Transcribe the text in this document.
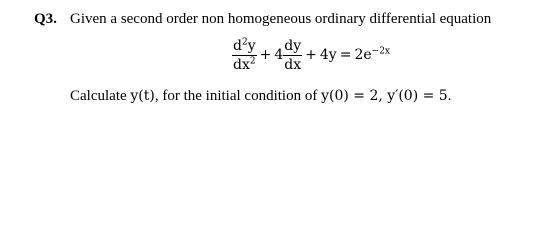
Q3. Given a second order non homogeneous ordinary differential equation
$\frac{d^2y}{dx^2} + 4 \frac{dy}{dx} + 4y = 2e^{-2x}$
Calculate y(t), for the initial condition of y(0) = 2, y′(0) = 5.
